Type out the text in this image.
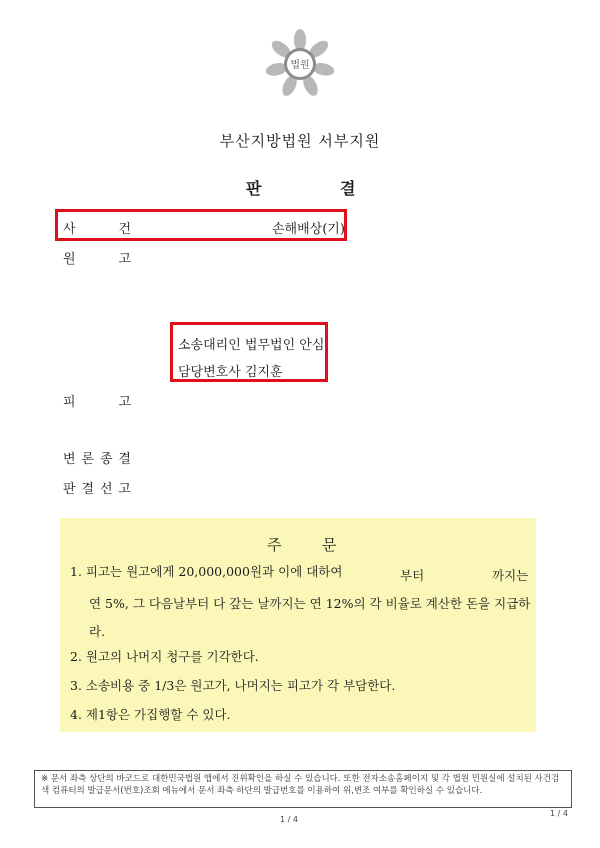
법원
부산지방법원 서부지원
판	결
사	건	손해배상(기)
원	고
소송대리인 법무법인 안심
담당변호사 김지훈
피	고
변 론 종 결
판 결 선 고
주	문
1. 피고는 원고에게 20,000,000원과 이에 대하여	부터	까지는
연 5%, 그 다음날부터 다 갚는 날까지는 연 12%의 각 비율로 계산한 돈을 지급하
라.
2. 원고의 나머지 청구를 기각한다.
3. 소송비용 중 1/3은 원고가, 나머지는 피고가 각 부담한다.
4. 제1항은 가집행할 수 있다.
※ 문서 좌측 상단의 바코드로 대한민국법원 앱에서 진위확인을 하실 수 있습니다. 또한 전자소송홈페이지 및 각 법원 민원실에 설치된 사건검색 컴퓨터의 발급문서(번호)조회 메뉴에서 문서 좌측 하단의 발급번호를 이용하여 위,변조 여부를 확인하실 수 있습니다.
1 / 4
1 / 4
